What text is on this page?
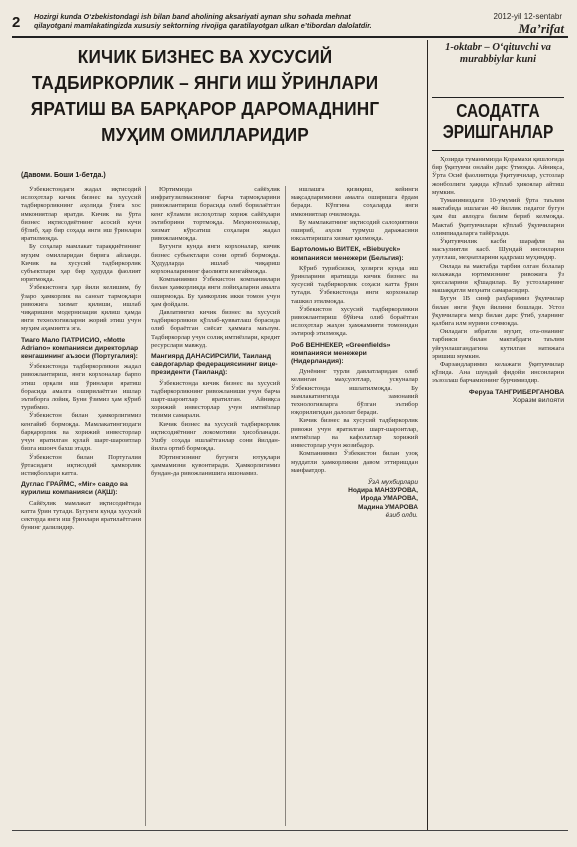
2 Hozirgi kunda O‘zbekistondagi ish bilan band aholining aksariyati aynan shu sohada mehnat qilayotgani mamlakatingizda xususiy sektorning rivojiga qaratilayotgan ulkan e’tibordan dalolatdir.
2012-yil 12-sentabr
Ma’rifat
КИЧИК БИЗНЕС ВА ХУСУСИЙ ТАДБИРКОРЛИК – ЯНГИ ИШ ЎРИНЛАРИ ЯРАТИШ ВА БАРҚАРОР ДАРОМАДНИНГ МУҲИМ ОМИЛЛАРИДИР
(Давоми. Боши 1-бетда.)

Ўзбекистондаги жадал иқтисодий ислоҳотлар кичик бизнес ва хусусий тадбиркорликнинг аҳолида ўзига хос имкониятлар яратди. Кичик ва ўрта бизнес иқтисодиётнинг асосий кучи бўлиб, ҳар бир соҳада янги иш ўринлари яратилмоқда.

Бу соҳалар мамлакат тараққиётининг муҳим омилларидан бирига айланди. Кичик ва хусусий тадбиркорлик субъектлари ҳар бир ҳудудда фаолият юритмоқда.

Ўзбекистонга ҳар йили келишим, бу ўзаро ҳамкорлик ва саноат тармоқлари ривожига хизмат қилиши, ишлаб чиқаришни модернизация қилиш ҳамда янги технологияларни жорий этиш учун муҳим аҳамиятга эга.

Тиаго Мало ПАТРИСИО, «Motte Adriano» компанияси директорлар кенгашининг аъзоси (Португалия):

Ўзбекистонда тадбиркорликни жадал ривожлантириш, янги корхоналар барпо этиш орқали иш ўринлари яратиш борасида амалга оширилаётган ишлар эътиборга лойиқ. Буни ўзимиз ҳам кўриб турибмиз.

Ўзбекистон билан ҳамкорлигимиз кенгайиб бормоқда. Мамлакатингиздаги барқарорлик ва хорижий инвесторлар учун яратилган қулай шарт-шароитлар бизга ишонч бахш этади.

Ўзбекистон билан Португалия ўртасидаги иқтисодий ҳамкорлик истиқболлари катта.

Дуглас ГРАЙМС, «Mir» савдо ва курилиш компанияси (АҚШ):

Сайёҳлик мамлакат иқтисодиётида катта ўрин тутади. Бугунги кунда хусусий секторда янги иш ўринлари яратилаётгани бунинг далилидир.

Юртимизда сайёҳлик инфратузилмасининг барча тармоқларини ривожлантириш борасида олиб борилаётган кенг кўламли ислоҳотлар хориж сайёҳлари эътиборини тортмоқда. Меҳмонхоналар, хизмат кўрсатиш соҳалари жадал ривожланмоқда.

Бугунги кунда янги корхоналар, кичик бизнес субъектлари сони ортиб бормоқда. Ҳудудларда ишлаб чиқариш корхоналарининг фаолияти кенгаймоқда.

Компаниямиз Ўзбекистон компаниялари билан ҳамкорликда янги лойиҳаларни амалга оширмоқда. Бу ҳамкорлик икки томон учун ҳам фойдали.

Давлатингиз кичик бизнес ва хусусий тадбиркорликни қўллаб-қувватлаш борасида олиб бораётган сиёсат ҳаммага маълум. Тадбиркорлар учун солиқ имтиёзлари, кредит ресурслари мавжуд.

Мангиярд ДАНАСИРСИЛИ, Таиланд савдогарлар федерациясининг вице-президенти (Таиланд):

Ўзбекистонда кичик бизнес ва хусусий тадбиркорликнинг ривожланиши учун барча шарт-шароитлар яратилган. Айниқса хорижий инвесторлар учун имтиёзлар тизими самарали.

Кичик бизнес ва хусусий тадбиркорлик иқтисодиётнинг локомотиви ҳисобланади. Ушбу соҳада ишлаётганлар сони йилдан-йилга ортиб бормоқда.

Юртингизнинг бугунги ютуқлари ҳаммамизни қувонтиради. Ҳамкорлигимиз бундан-да ривожланишига ишонамиз.

ишлашга қизиқиш, кейинги мақсадларимизни амалга оширишга ёрдам беради. Кўпгина соҳаларда янги имкониятлар очилмоқда.

Бу мамлакатнинг иқтисодий салоҳиятини ошириб, аҳоли турмуш даражасини юксалтиришга хизмат қилмоқда.

Бартоломью ВИТЕК, «Biebuyck» компанияси менежери (Бельгия):

Кўриб турибсизки, ҳозирги кунда иш ўринларини яратишда кичик бизнес ва хусусий тадбиркорлик соҳаси катта ўрин тутади. Ўзбекистонда янги корхоналар ташкил этилмоқда.

Ўзбекистон хусусий тадбиркорликни ривожлантириш бўйича олиб бораётган ислоҳотлар жаҳон ҳамжамияти томонидан эътироф этилмоқда.

Роб ВЕННЕКЕР, «Greenfields» компанияси менежери (Нидерландия):

Дунёнинг турли давлатларидан олиб келинган маҳсулотлар, ускуналар Ўзбекистонда ишлатилмоқда. Бу мамлакатингизда замонавий технологияларга бўлган эътибор юқорилигидан далолат беради.

Кичик бизнес ва хусусий тадбиркорлик ривожи учун яратилган шарт-шароитлар, имтиёзлар ва кафолатлар хорижий инвесторлар учун жозибадор.

Компаниямиз Ўзбекистон билан узоқ муддатли ҳамкорликни давом эттиришдан манфаатдор.

ЎзА мухбирлари
Нодира МАНЗУРОВА,
Ирода УМАРОВА,
Мадина УМАРОВА
ёзиб олди.
1-oktabr – O‘qituvchi va murabbiylar kuni
САОДАТГА ЭРИШГАНЛАР

Ҳозирда туманимизда Қорамахи қишлоғида бир ўқитувчи онлайн дарс ўтмоқда. Айниқса, Ўрта Осиё фаолиятида ўқитувчилар, устозлар жонбозлиги ҳақида кўплаб ҳикоялар айтиш мумкин.

Туманимиздаги 10-умумий ўрта таълим мактабида ишлаган 40 йиллик педагог бугун ҳам ёш авлодга билим бериб келмоқда. Мактаб ўқитувчилари кўплаб ўқувчиларни олимпиадаларга тайёрлади.

Ўқитувчилик касби шарафли ва масъулиятли касб. Шундай инсонларни улуғлаш, меҳнатларини қадрлаш муҳимдир.

Оилада ва мактабда тарбия олган болалар келажакда юртимизнинг ривожига ўз ҳиссаларини қўшадилар. Бу устозларнинг машаққатли меҳнати самарасидир.

Бугун 1В синф раҳбаримиз ўқувчилар билан янги ўқув йилини бошлади. Устоз ўқувчиларга меҳр билан дарс ўтиб, уларнинг қалбига илм нурини сочмоқда.

Оиладаги ибратли муҳит, ота-онанинг тарбияси билан мактабдаги таълим уйғунлашгандагина кутилган натижага эришиш мумкин.

Фарзандларимиз келажаги ўқитувчилар қўлида. Ана шундай фидойи инсонларни эъзозлаш барчамизнинг бурчимиздир.

Феруза ТАНГРИБЕРГАНОВА
Хоразм вилояти
